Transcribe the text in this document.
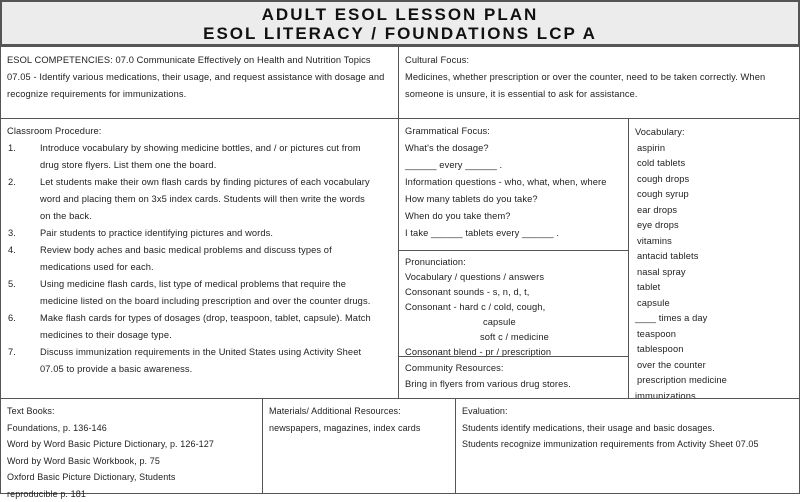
ADULT ESOL LESSON PLAN
ESOL LITERACY / FOUNDATIONS LCP A
ESOL COMPETENCIES: 07.0 Communicate Effectively on Health and Nutrition Topics
07.05 - Identify various medications, their usage, and request assistance with dosage and recognize requirements for immunizations.
Cultural Focus:
Medicines, whether prescription or over the counter, need to be taken correctly. When someone is unsure, it is essential to ask for assistance.
Classroom Procedure:
1.	Introduce vocabulary by showing medicine bottles, and / or pictures cut from drug store flyers. List them one the board.
2.	Let students make their own flash cards by finding pictures of each vocabulary word and placing them on 3x5 index cards. Students will then write the words on the back.
3.	Pair students to practice identifying pictures and words.
4.	Review body aches and basic medical problems and discuss types of medications used for each.
5.	Using medicine flash cards, list type of medical problems that require the medicine listed on the board including prescription and over the counter drugs.
6.	Make flash cards for types of dosages (drop, teaspoon, tablet, capsule). Match medicines to their dosage type.
7.	Discuss immunization requirements in the United States using Activity Sheet 07.05 to provide a basic awareness.
Grammatical Focus:
What's the dosage?
______ every ______ .
Information questions - who, what, when, where
How many tablets do you take?
When do you take them?
I take ______ tablets every ______ .
Pronunciation:
Vocabulary / questions / answers
Consonant sounds - s, n, d, t,
Consonant - hard c / cold, cough,
capsule
soft c / medicine
Consonant blend - pr / prescription
Community Resources:
Bring in flyers from various drug stores.
Vocabulary:
aspirin
cold tablets
cough drops
cough syrup
ear drops
eye drops
vitamins
antacid tablets
nasal spray
tablet
capsule
____ times a day
teaspoon
tablespoon
over the counter
prescription medicine
immunizations
Text Books:
Foundations, p. 136-146
Word by Word Basic Picture Dictionary, p. 126-127
Word by Word Basic Workbook, p. 75
Oxford Basic Picture Dictionary, Students reproducible p. 181
Materials/ Additional Resources:
newspapers, magazines, index cards
Evaluation:
Students identify medications, their usage and basic dosages.
Students recognize immunization requirements from Activity Sheet 07.05
